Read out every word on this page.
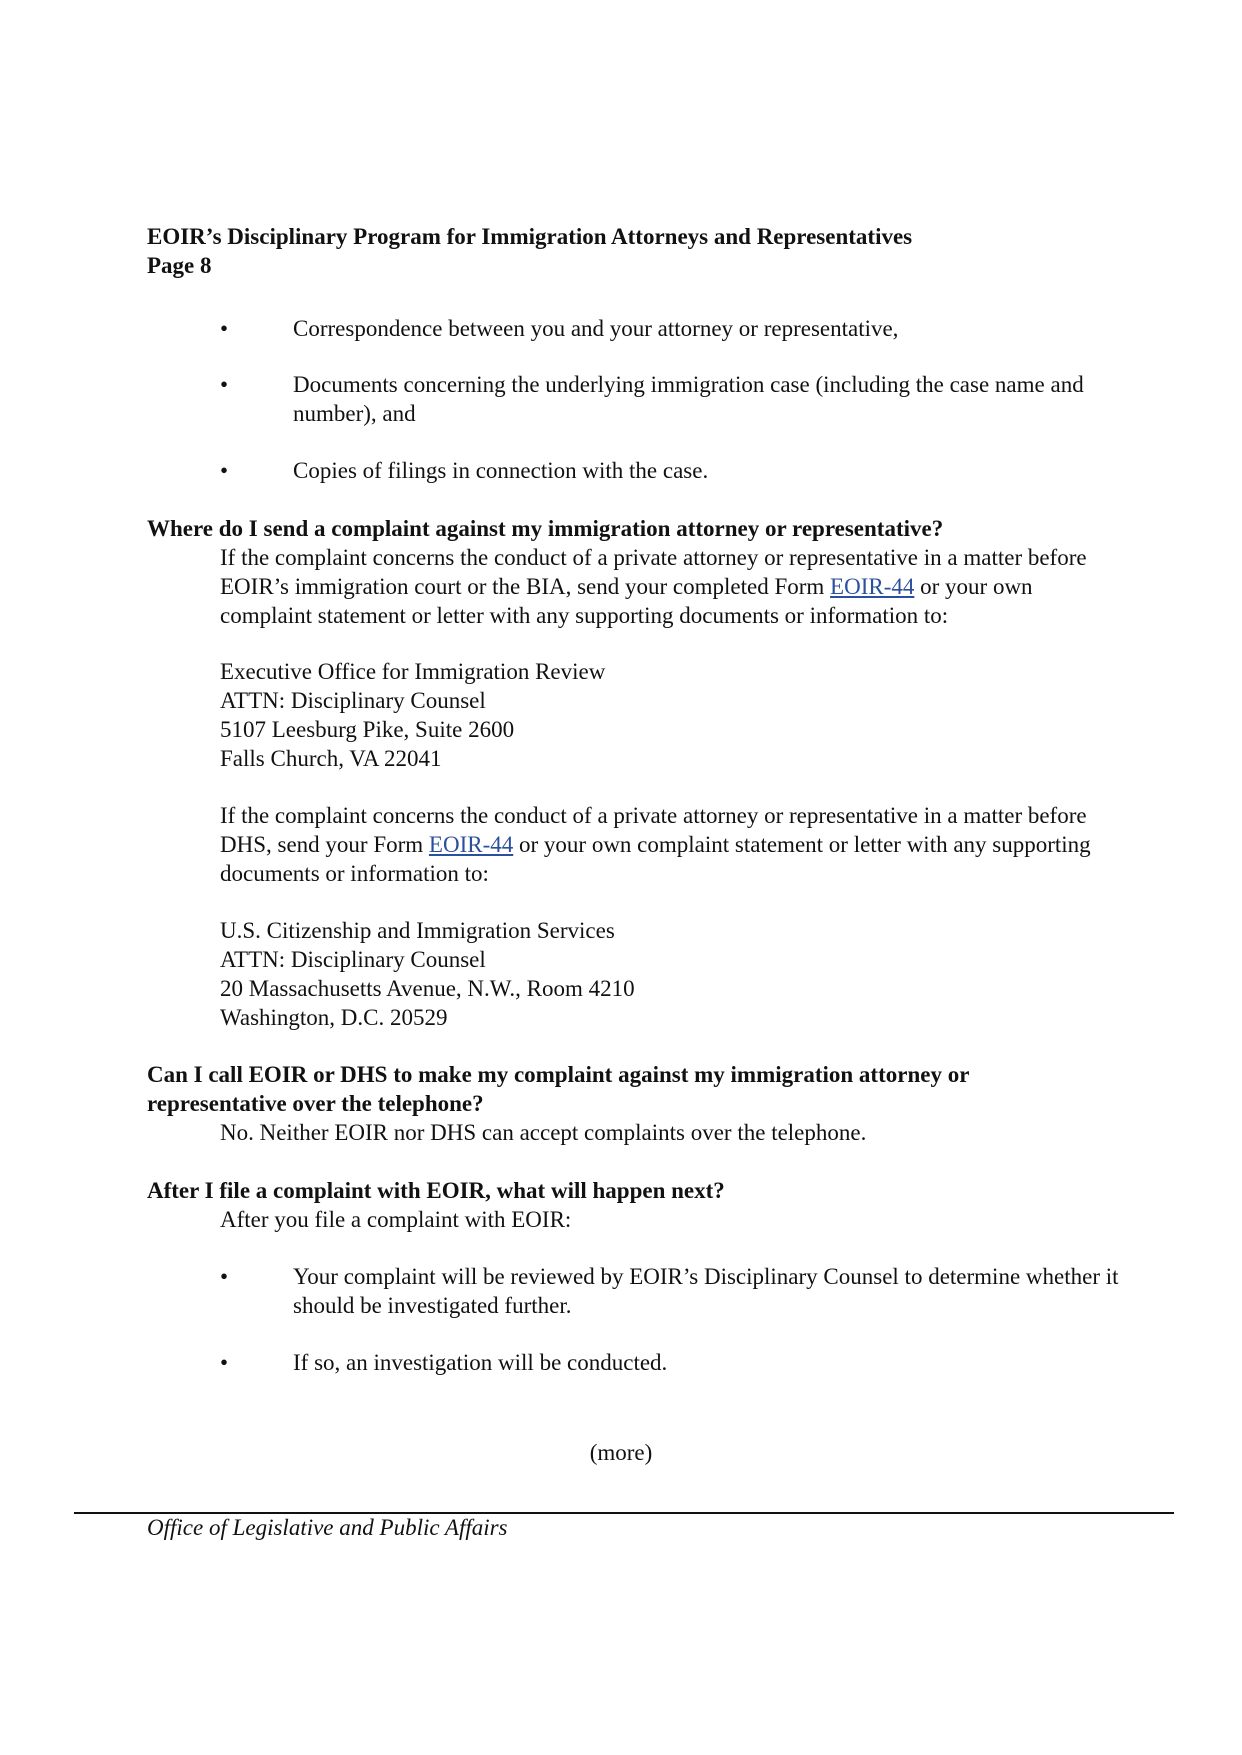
EOIR’s Disciplinary Program for Immigration Attorneys and Representatives
Page 8
•	Correspondence between you and your attorney or representative,
•	Documents concerning the underlying immigration case (including the case name and number), and
•	Copies of filings in connection with the case.
Where do I send a complaint against my immigration attorney or representative?
If the complaint concerns the conduct of a private attorney or representative in a matter before EOIR’s immigration court or the BIA, send your completed Form EOIR-44 or your own complaint statement or letter with any supporting documents or information to:
Executive Office for Immigration Review
ATTN: Disciplinary Counsel
5107 Leesburg Pike, Suite 2600
Falls Church, VA 22041
If the complaint concerns the conduct of a private attorney or representative in a matter before DHS, send your Form EOIR-44 or your own complaint statement or letter with any supporting documents or information to:
U.S. Citizenship and Immigration Services
ATTN: Disciplinary Counsel
20 Massachusetts Avenue, N.W., Room 4210
Washington, D.C. 20529
Can I call EOIR or DHS to make my complaint against my immigration attorney or representative over the telephone?
No. Neither EOIR nor DHS can accept complaints over the telephone.
After I file a complaint with EOIR, what will happen next?
After you file a complaint with EOIR:
•	Your complaint will be reviewed by EOIR’s Disciplinary Counsel to determine whether it should be investigated further.
•	If so, an investigation will be conducted.
(more)
Office of Legislative and Public Affairs
